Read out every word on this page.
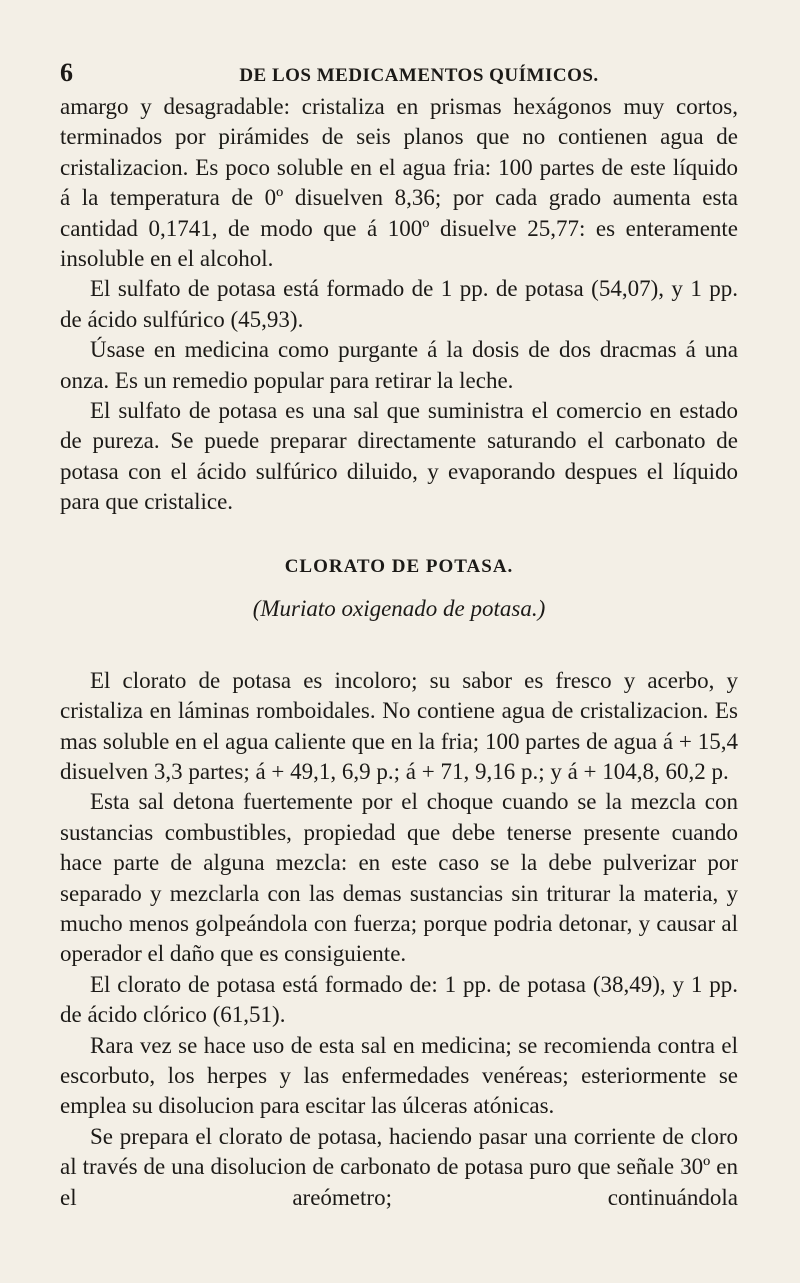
6	DE LOS MEDICAMENTOS QUÍMICOS.

amargo y desagradable: cristaliza en prismas hexágonos muy cortos, terminados por pirámides de seis planos que no contienen agua de cristalizacion. Es poco soluble en el agua fria: 100 partes de este líquido á la temperatura de 0º disuelven 8,36; por cada grado aumenta esta cantidad 0,1741, de modo que á 100º disuelve 25,77: es enteramente insoluble en el alcohol.

El sulfato de potasa está formado de 1 pp. de potasa (54,07), y 1 pp. de ácido sulfúrico (45,93).

Úsase en medicina como purgante á la dosis de dos dracmas á una onza. Es un remedio popular para retirar la leche.

El sulfato de potasa es una sal que suministra el comercio en estado de pureza. Se puede preparar directamente saturando el carbonato de potasa con el ácido sulfúrico diluido, y evaporando despues el líquido para que cristalice.

CLORATO DE POTASA.
(Muriato oxigenado de potasa.)

El clorato de potasa es incoloro; su sabor es fresco y acerbo, y cristaliza en láminas romboidales. No contiene agua de cristalizacion. Es mas soluble en el agua caliente que en la fria; 100 partes de agua á + 15,4 disuelven 3,3 partes; á + 49,1, 6,9 p.; á + 71, 9,16 p.; y á + 104,8, 60,2 p.

Esta sal detona fuertemente por el choque cuando se la mezcla con sustancias combustibles, propiedad que debe tenerse presente cuando hace parte de alguna mezcla: en este caso se la debe pulverizar por separado y mezclarla con las demas sustancias sin triturar la materia, y mucho menos golpeándola con fuerza; porque podria detonar, y causar al operador el daño que es consiguiente.

El clorato de potasa está formado de: 1 pp. de potasa (38,49), y 1 pp. de ácido clórico (61,51).

Rara vez se hace uso de esta sal en medicina; se recomienda contra el escorbuto, los herpes y las enfermedades venéreas; esteriormente se emplea su disolucion para escitar las úlceras atónicas.

Se prepara el clorato de potasa, haciendo pasar una corriente de cloro al través de una disolucion de carbonato de potasa puro que señale 30º en el areómetro; continuándola
